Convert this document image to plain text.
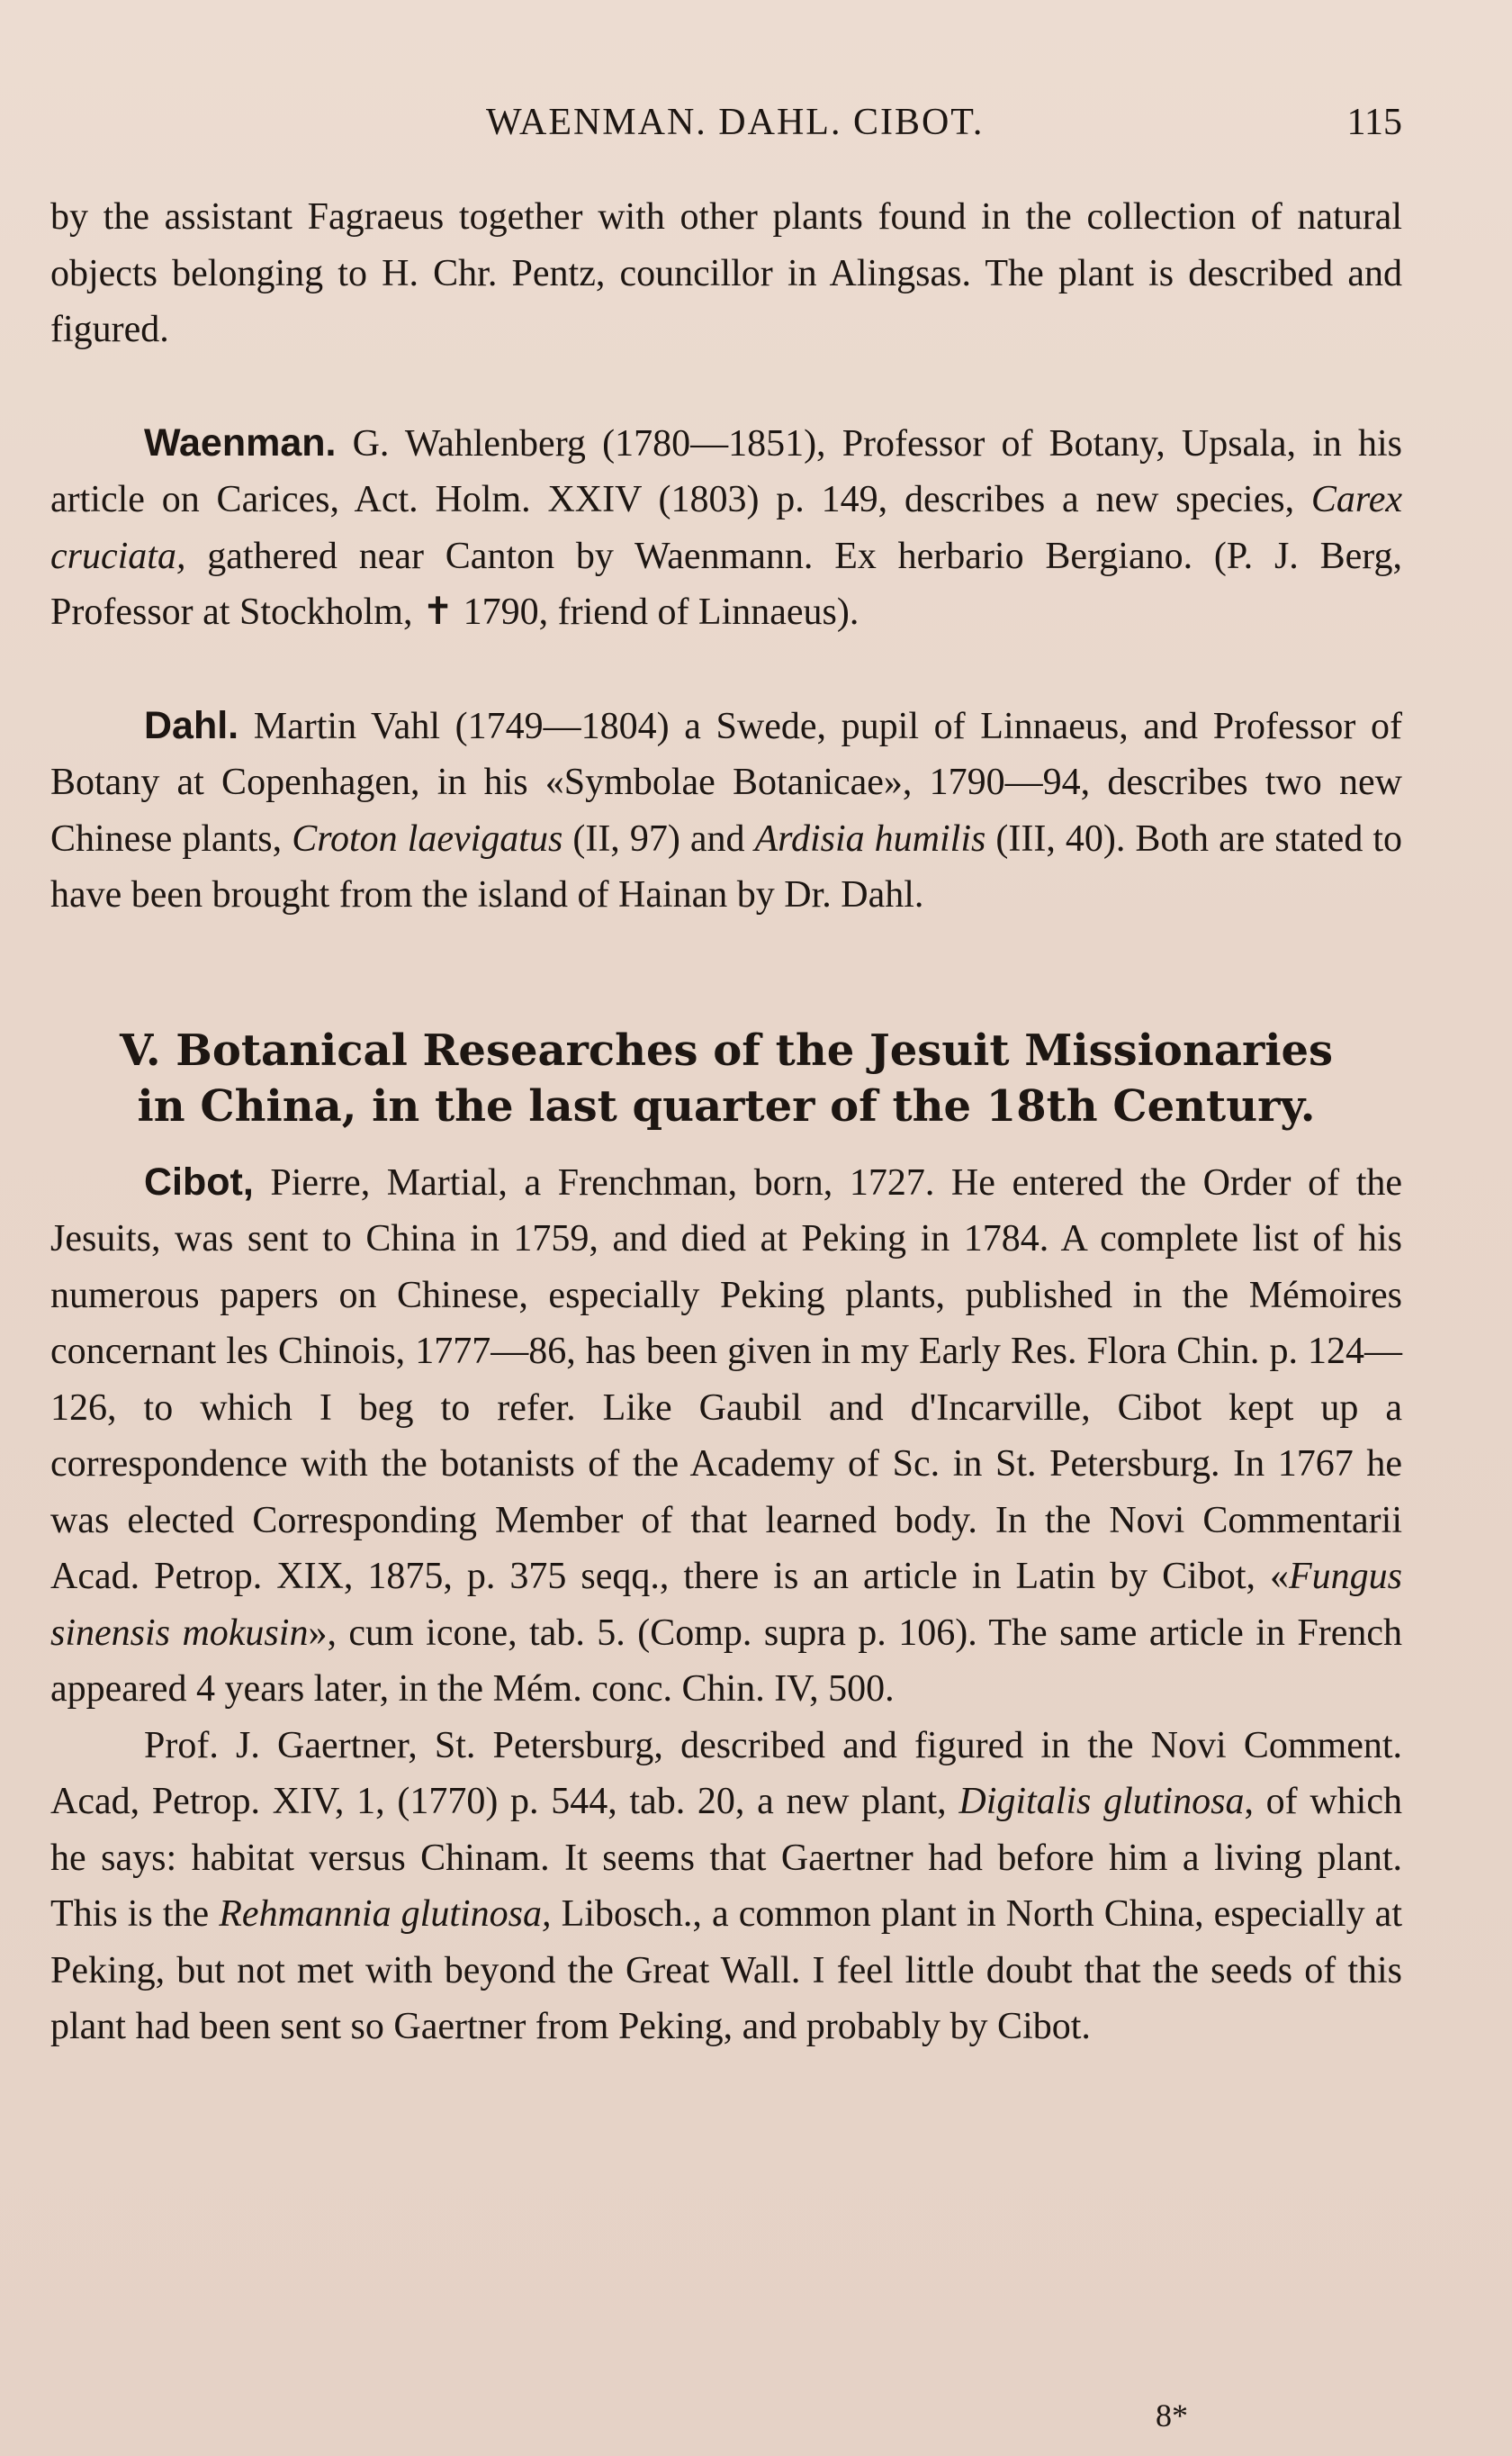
WAENMAN. DAHL. CIBOT.	115

by the assistant Fagraeus together with other plants found in the collection of natural objects belonging to H. Chr. Pentz, councillor in Alingsas. The plant is described and figured.

Waenman. G. Wahlenberg (1780—1851), Professor of Botany, Upsala, in his article on Carices, Act. Holm. XXIV (1803) p. 149, describes a new species, Carex cruciata, gathered near Canton by Waenmann. Ex herbario Bergiano. (P. J. Berg, Professor at Stockholm, ✝ 1790, friend of Linnaeus).

Dahl. Martin Vahl (1749—1804) a Swede, pupil of Linnaeus, and Professor of Botany at Copenhagen, in his «Symbolae Botanicae», 1790—94, describes two new Chinese plants, Croton laevigatus (II, 97) and Ardisia humilis (III, 40). Both are stated to have been brought from the island of Hainan by Dr. Dahl.

V. Botanical Researches of the Jesuit Missionaries
in China, in the last quarter of the 18th Century.

Cibot, Pierre, Martial, a Frenchman, born, 1727. He entered the Order of the Jesuits, was sent to China in 1759, and died at Peking in 1784. A complete list of his numerous papers on Chinese, especially Peking plants, published in the Mémoires concernant les Chinois, 1777—86, has been given in my Early Res. Flora Chin. p. 124—126, to which I beg to refer. Like Gaubil and d'Incarville, Cibot kept up a correspondence with the botanists of the Academy of Sc. in St. Petersburg. In 1767 he was elected Corresponding Member of that learned body. In the Novi Commentarii Acad. Petrop. XIX, 1875, p. 375 seqq., there is an article in Latin by Cibot, «Fungus sinensis mokusin», cum icone, tab. 5. (Comp. supra p. 106). The same article in French appeared 4 years later, in the Mém. conc. Chin. IV, 500.

Prof. J. Gaertner, St. Petersburg, described and figured in the Novi Comment. Acad, Petrop. XIV, 1, (1770) p. 544, tab. 20, a new plant, Digitalis glutinosa, of which he says: habitat versus Chinam. It seems that Gaertner had before him a living plant. This is the Rehmannia glutinosa, Libosch., a common plant in North China, especially at Peking, but not met with beyond the Great Wall. I feel little doubt that the seeds of this plant had been sent so Gaertner from Peking, and probably by Cibot.

8*
